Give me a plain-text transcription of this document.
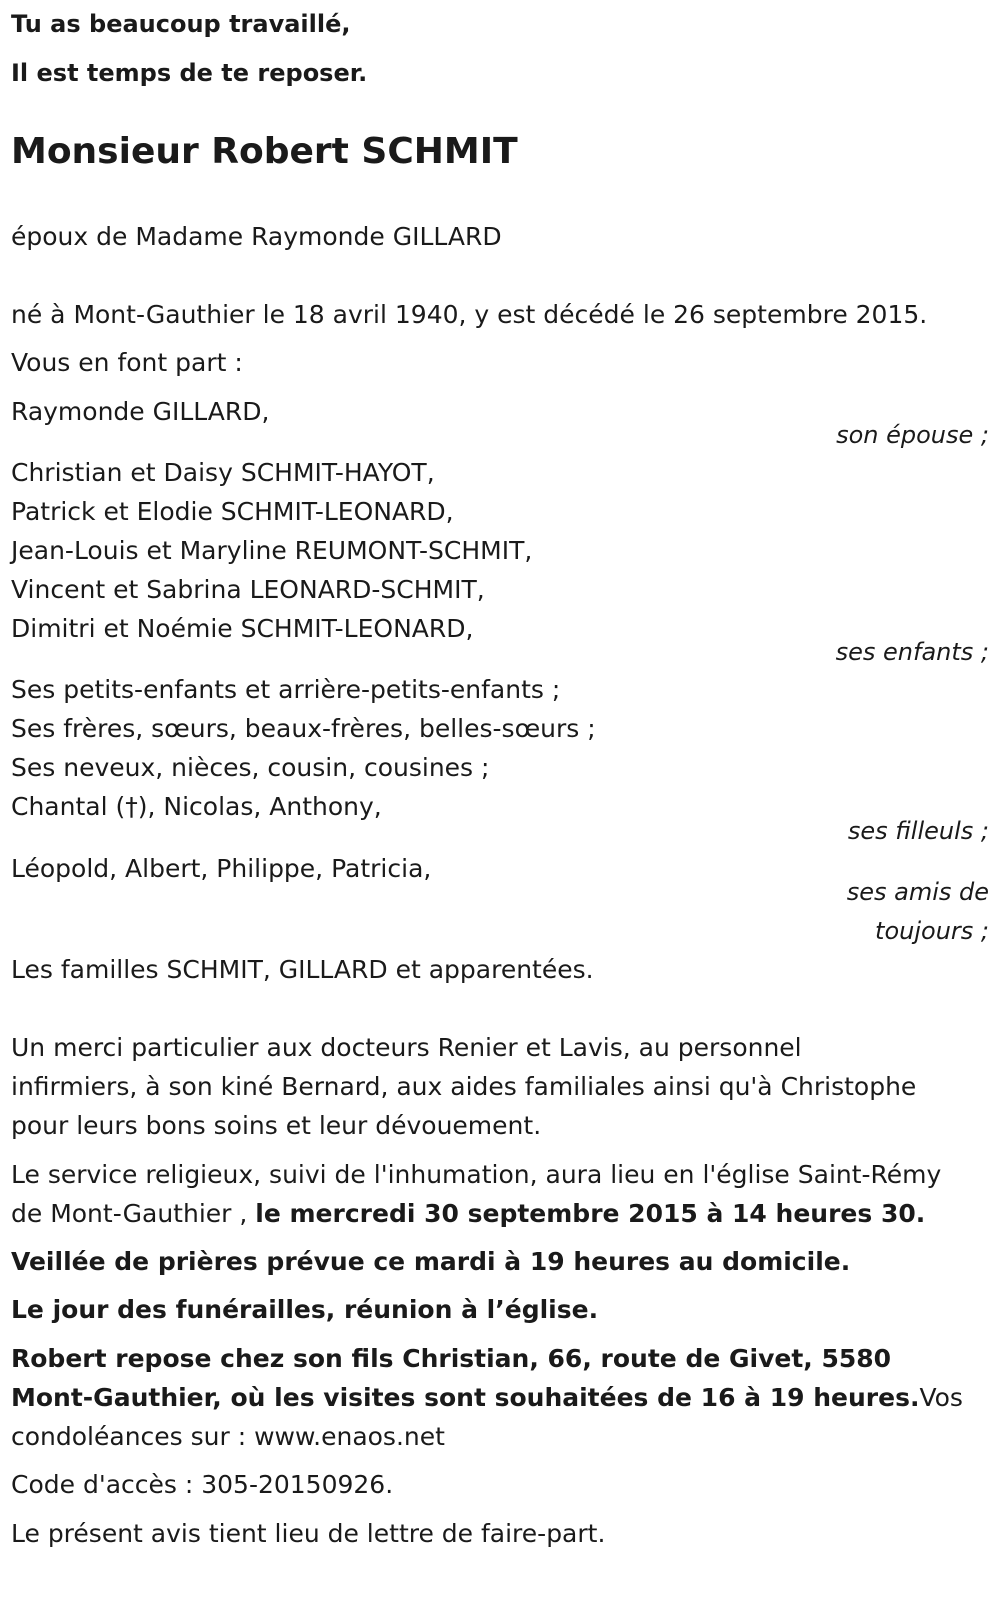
Tu as beaucoup travaillé,
Il est temps de te reposer.
Monsieur Robert SCHMIT
époux de Madame Raymonde GILLARD
né à Mont-Gauthier le 18 avril 1940, y est décédé le 26 septembre 2015.
Vous en font part :
Raymonde GILLARD,
son épouse ;
Christian et Daisy SCHMIT-HAYOT,
Patrick et Elodie SCHMIT-LEONARD,
Jean-Louis et Maryline REUMONT-SCHMIT,
Vincent et Sabrina LEONARD-SCHMIT,
Dimitri et Noémie SCHMIT-LEONARD,
ses enfants ;
Ses petits-enfants et arrière-petits-enfants ;
Ses frères, sœurs, beaux-frères, belles-sœurs ;
Ses neveux, nièces, cousin, cousines ;
Chantal (†), Nicolas, Anthony,
ses filleuls ;
Léopold, Albert, Philippe, Patricia,
ses amis de
toujours ;
Les familles SCHMIT, GILLARD et apparentées.
Un merci particulier aux docteurs Renier et Lavis, au personnel
infirmiers, à son kiné Bernard, aux aides familiales ainsi qu'à Christophe
pour leurs bons soins et leur dévouement.
Le service religieux, suivi de l'inhumation, aura lieu en l'église Saint-Rémy
de Mont-Gauthier , le mercredi 30 septembre 2015 à 14 heures 30.
Veillée de prières prévue ce mardi à 19 heures au domicile.
Le jour des funérailles, réunion à l’église.
Robert repose chez son fils Christian, 66, route de Givet, 5580
Mont-Gauthier, où les visites sont souhaitées de 16 à 19 heures.Vos
condoléances sur : www.enaos.net
Code d'accès : 305-20150926.
Le présent avis tient lieu de lettre de faire-part.
